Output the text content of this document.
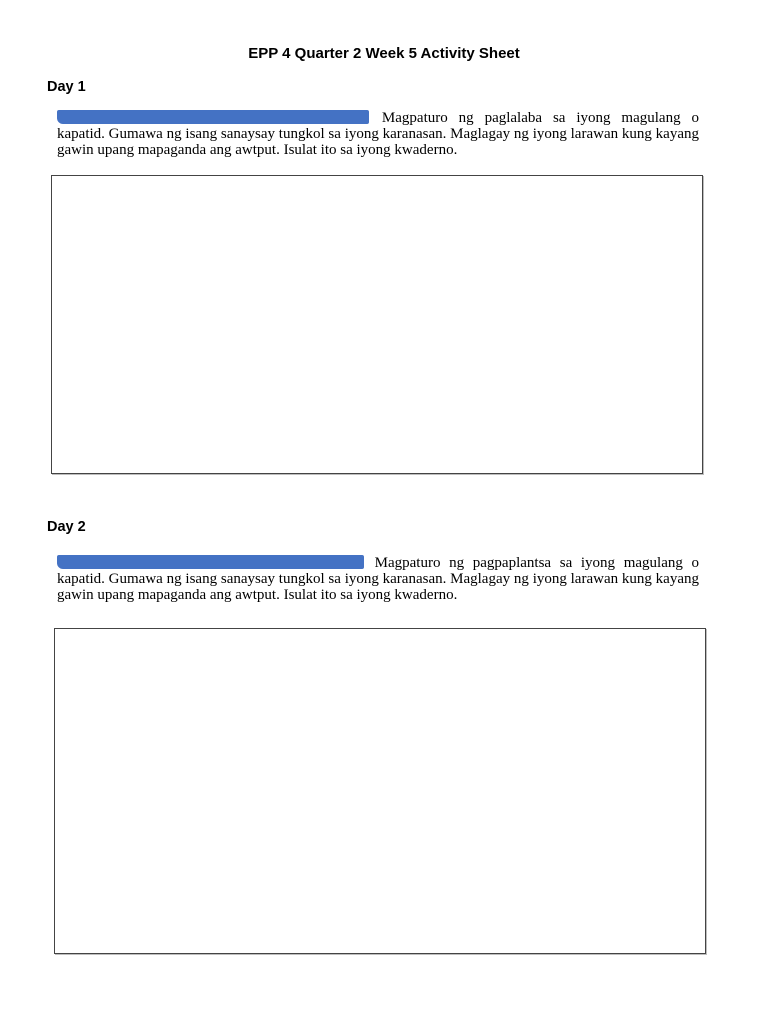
EPP 4 Quarter 2 Week 5 Activity Sheet
Day 1
Magpaturo ng paglalaba sa iyong magulang o kapatid. Gumawa ng isang sanaysay tungkol sa iyong karanasan. Maglagay ng iyong larawan kung kayang gawin upang mapaganda ang awtput. Isulat ito sa iyong kwaderno.
Day 2
Magpaturo ng pagpaplantsa sa iyong magulang o kapatid. Gumawa ng isang sanaysay tungkol sa iyong karanasan. Maglagay ng iyong larawan kung kayang gawin upang mapaganda ang awtput. Isulat ito sa iyong kwaderno.
